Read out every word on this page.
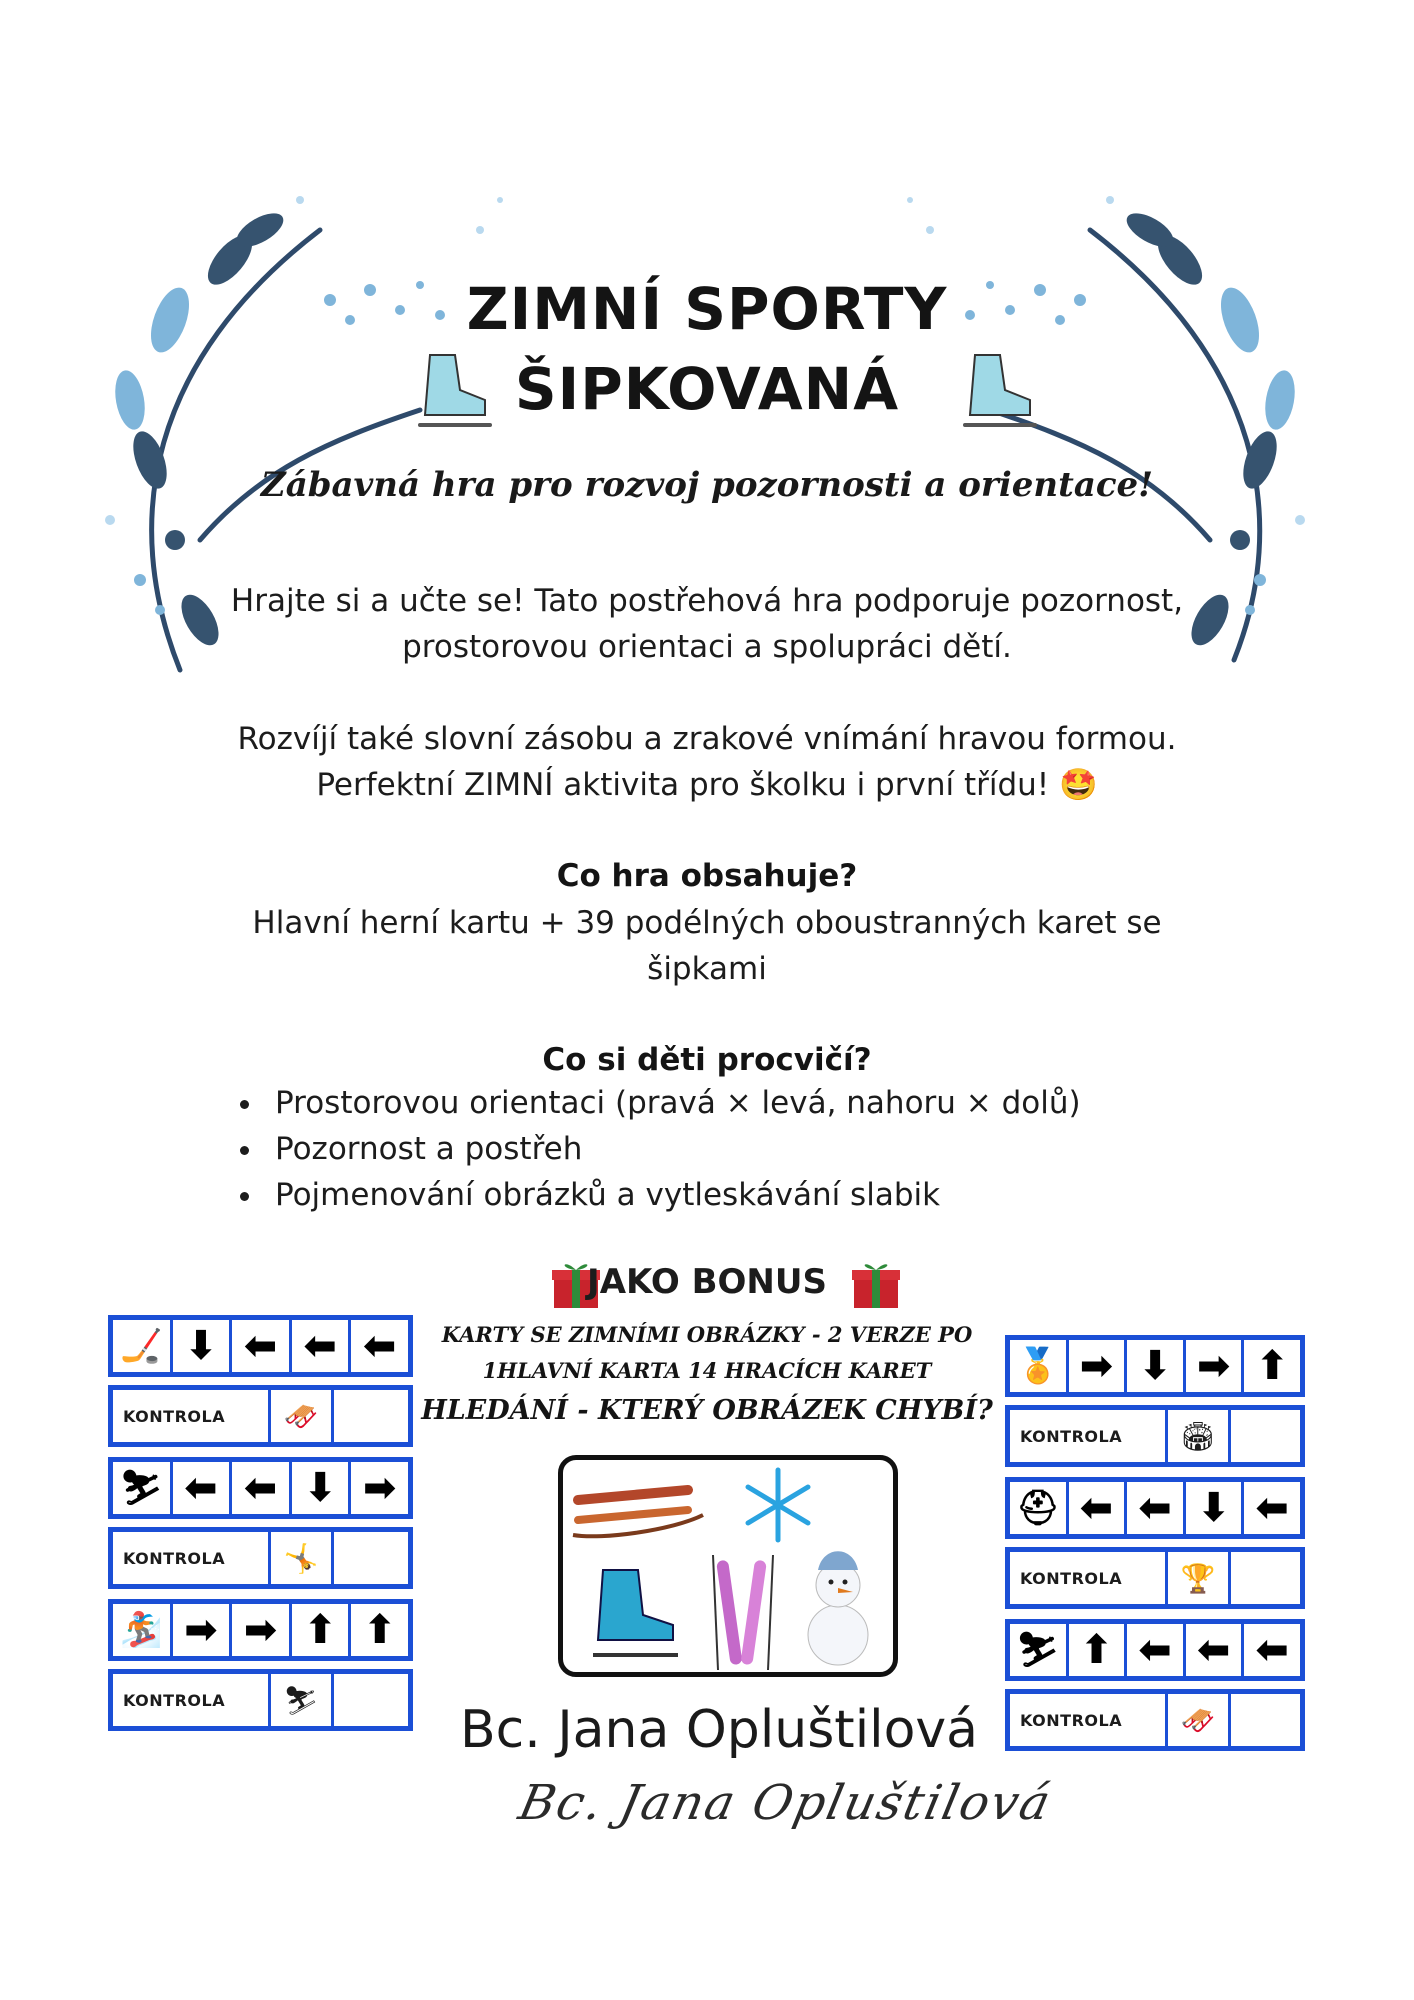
ZIMNÍ SPORTY
ŠIPKOVANÁ
Zábavná hra pro rozvoj pozornosti a orientace!
Hrajte si a učte se! Tato postřehová hra podporuje pozornost,
prostorovou orientaci a spolupráci dětí.
Rozvíjí také slovní zásobu a zrakové vnímání hravou formou.
Perfektní ZIMNÍ aktivita pro školku i první třídu! 🤩
Co hra obsahuje?
Hlavní herní kartu + 39 podélných oboustranných karet se
šipkami
Co si děti procvičí?
• Prostorovou orientaci (pravá × levá, nahoru × dolů)
• Pozornost a postřeh
• Pojmenování obrázků a vytleskávání slabik
JAKO BONUS
KARTY SE ZIMNÍMI OBRÁZKY - 2 VERZE PO
1HLAVNÍ KARTA 14 HRACÍCH KARET
HLEDÁNÍ - KTERÝ OBRÁZEK CHYBÍ?
🏒 ⬇ ⬅ ⬅ ⬅
KONTROLA	🛷
⛷ ⬅ ⬅ ⬇ ➡
KONTROLA	🤸
🏂 ➡ ➡ ⬆ ⬆
KONTROLA	⛷
🏅 ➡ ⬇ ➡ ⬆
KONTROLA	🏟
⛑ ⬅ ⬅ ⬇ ⬅
KONTROLA	🏆
⛷ ⬆ ⬅ ⬅ ⬅
KONTROLA	🛷
Bc. Jana Opluštilová
Bc. Jana Opluštilová
